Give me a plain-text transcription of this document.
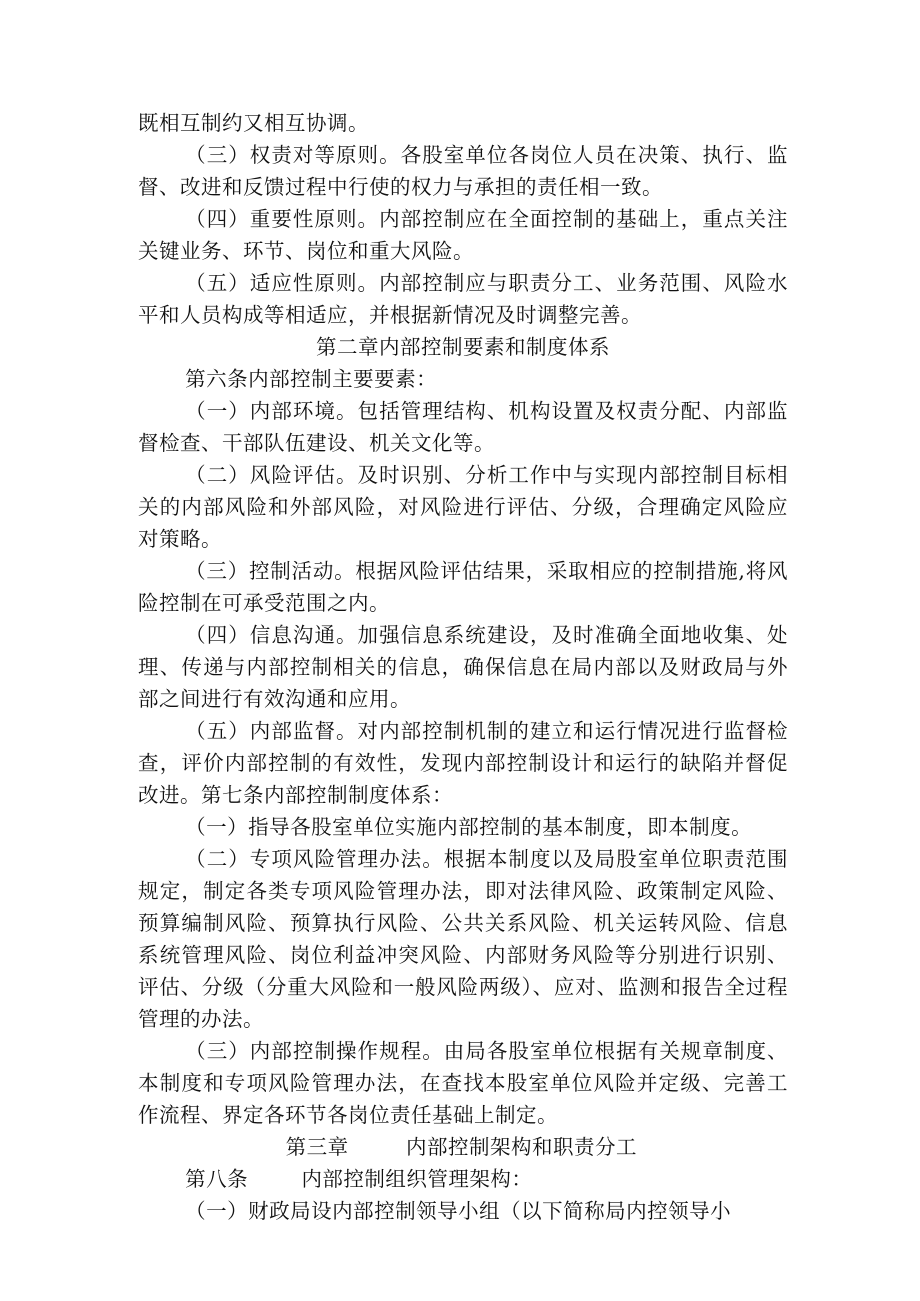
既相互制约又相互协调。

（三）权责对等原则。各股室单位各岗位人员在决策、执行、监督、改进和反馈过程中行使的权力与承担的责任相一致。

（四）重要性原则。内部控制应在全面控制的基础上，重点关注关键业务、环节、岗位和重大风险。

（五）适应性原则。内部控制应与职责分工、业务范围、风险水平和人员构成等相适应，并根据新情况及时调整完善。

第二章内部控制要素和制度体系

第六条内部控制主要要素：

（一）内部环境。包括管理结构、机构设置及权责分配、内部监督检查、干部队伍建设、机关文化等。

（二）风险评估。及时识别、分析工作中与实现内部控制目标相关的内部风险和外部风险，对风险进行评估、分级，合理确定风险应对策略。

（三）控制活动。根据风险评估结果，采取相应的控制措施,将风险控制在可承受范围之内。

（四）信息沟通。加强信息系统建设，及时准确全面地收集、处理、传递与内部控制相关的信息，确保信息在局内部以及财政局与外部之间进行有效沟通和应用。

（五）内部监督。对内部控制机制的建立和运行情况进行监督检查，评价内部控制的有效性，发现内部控制设计和运行的缺陷并督促改进。第七条内部控制制度体系：

（一）指导各股室单位实施内部控制的基本制度，即本制度。

（二）专项风险管理办法。根据本制度以及局股室单位职责范围规定，制定各类专项风险管理办法，即对法律风险、政策制定风险、预算编制风险、预算执行风险、公共关系风险、机关运转风险、信息系统管理风险、岗位利益冲突风险、内部财务风险等分别进行识别、评估、分级（分重大风险和一般风险两级）、应对、监测和报告全过程管理的办法。

（三）内部控制操作规程。由局各股室单位根据有关规章制度、本制度和专项风险管理办法，在查找本股室单位风险并定级、完善工作流程、界定各环节各岗位责任基础上制定。

第三章	内部控制架构和职责分工

第八条	内部控制组织管理架构：

（一）财政局设内部控制领导小组（以下简称局内控领导小
